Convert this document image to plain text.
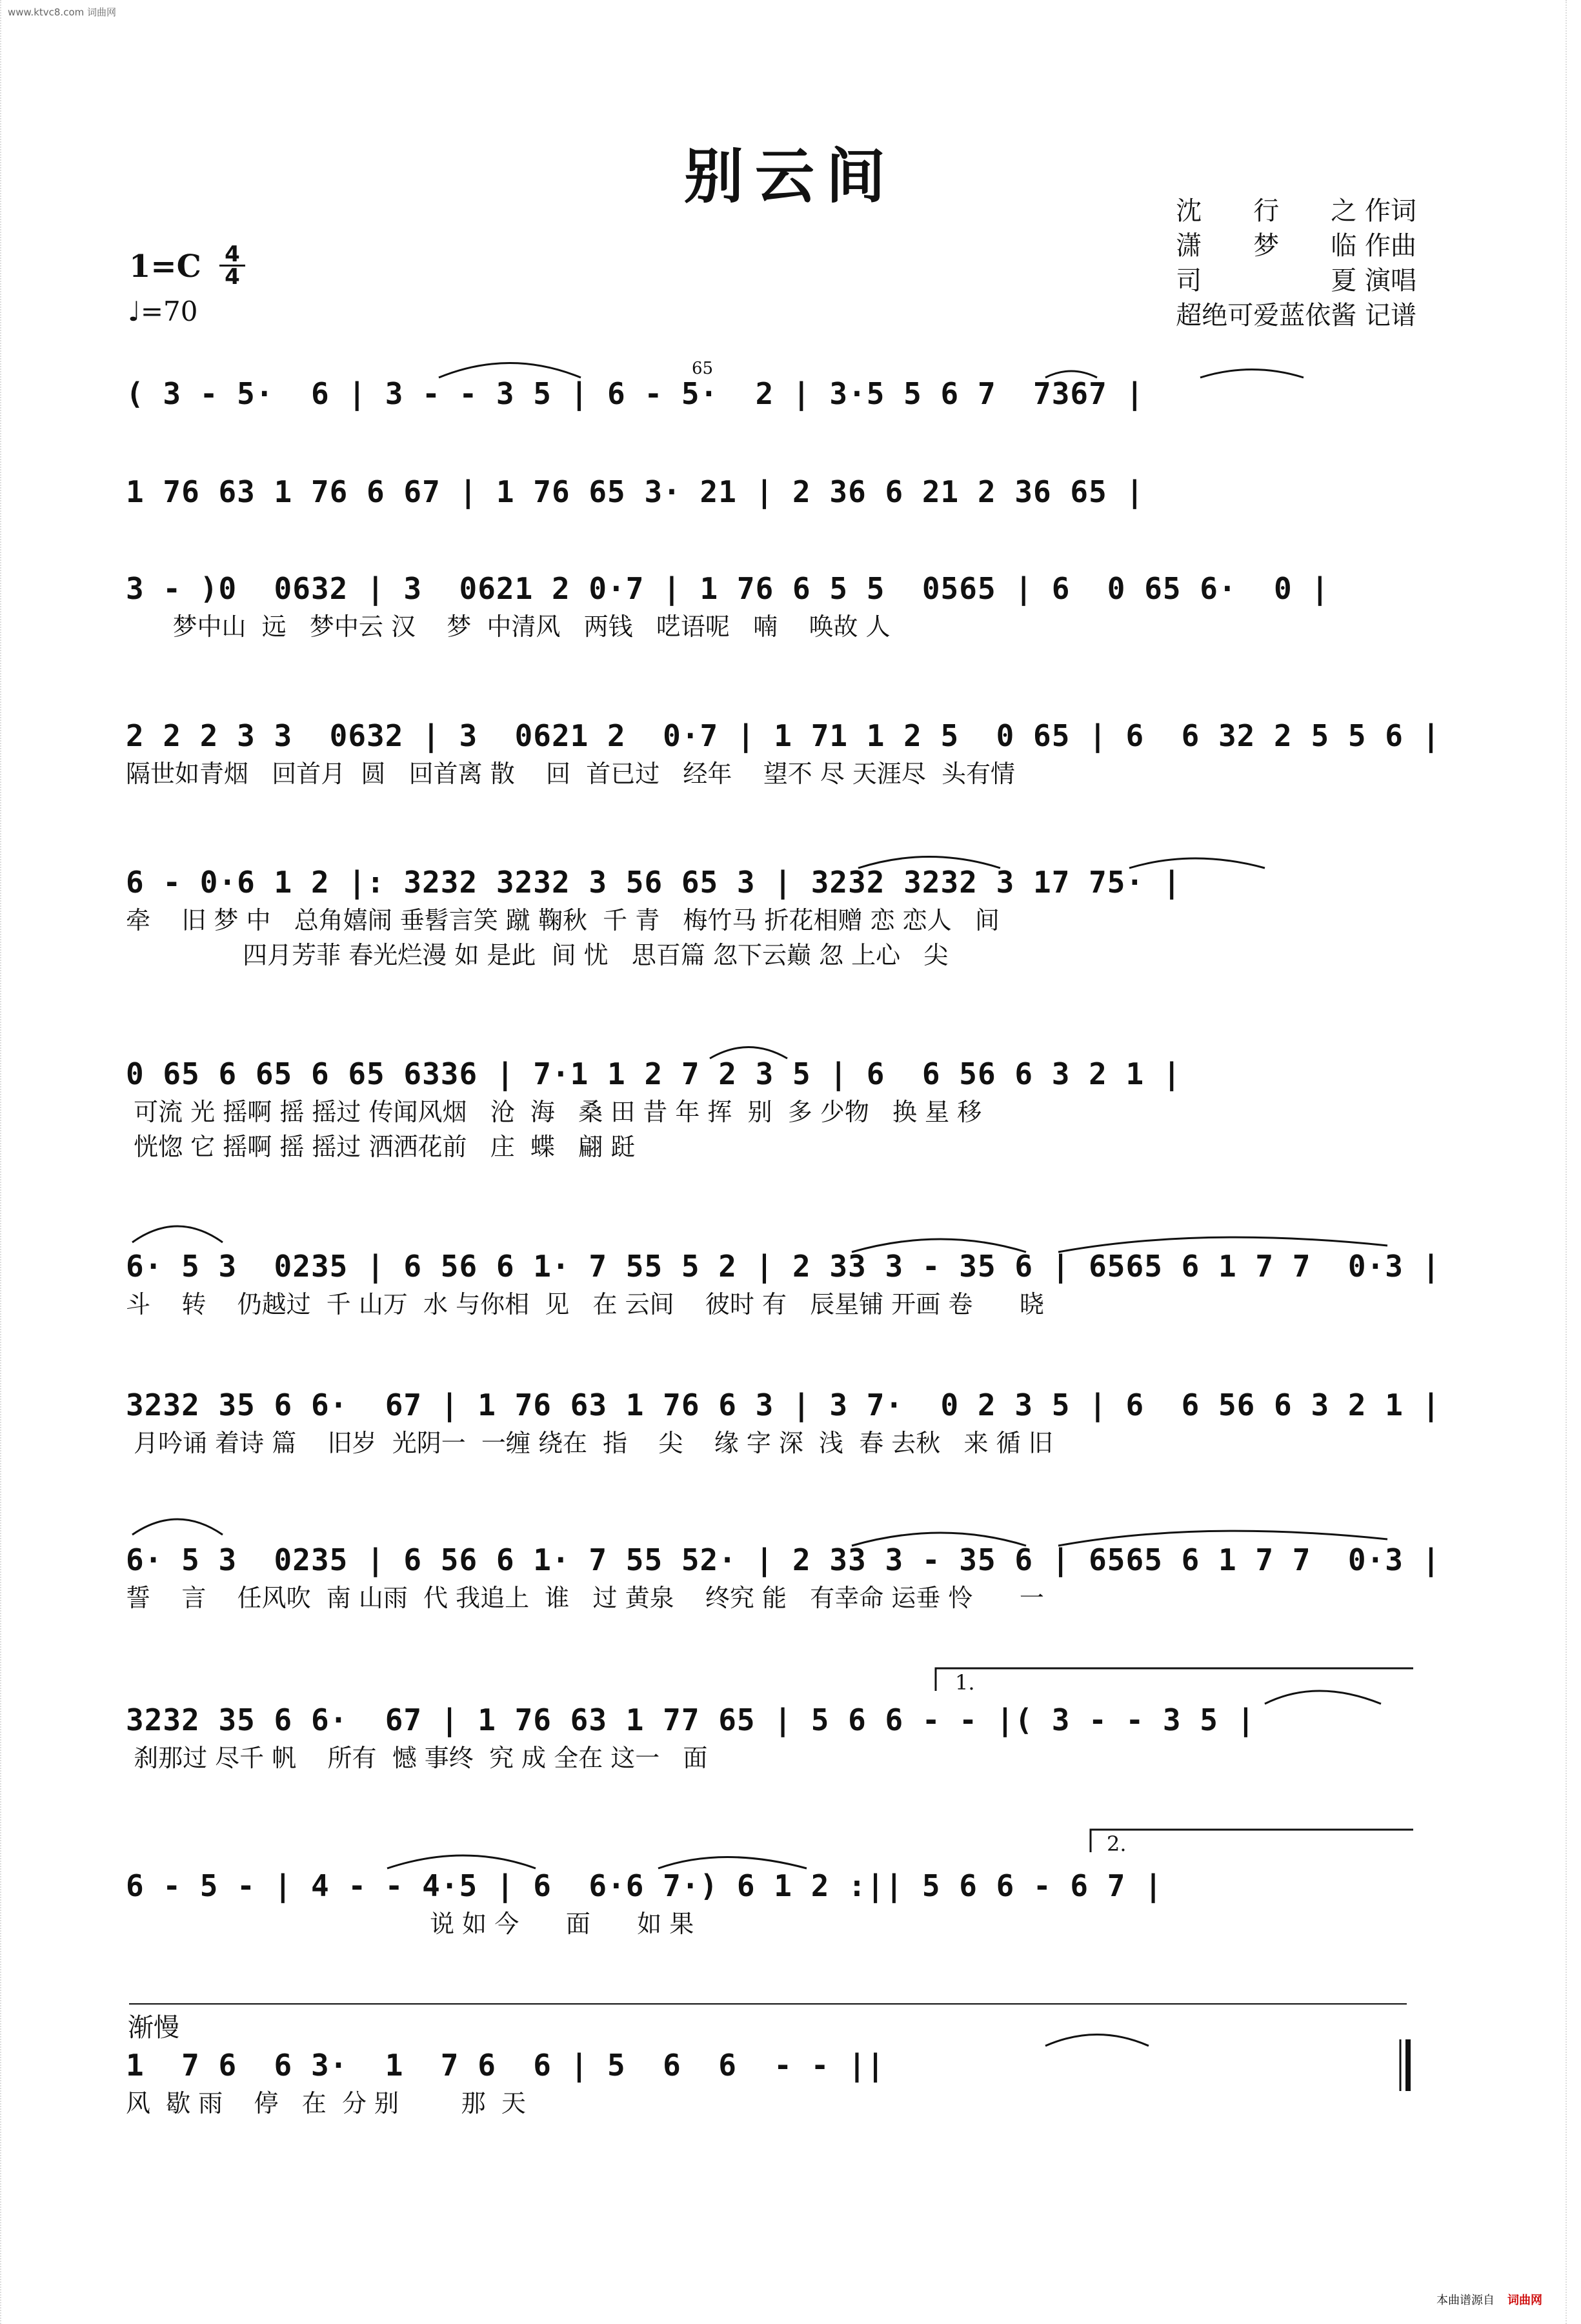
www.ktvc8.com 词曲网
别云间
$1=C \frac{4}{4}$
♩=70
沈　　行　　之 作词
潇　　梦　　临 作曲
司　　　　　夏 演唱
超绝可爱蓝依酱 记谱
65
1.
2.
渐慢
( 3 - 5·  6 | 3 - - 3 5 | 6 - 5·  2 | 3·5 5 6 7  7367 |
1 76 63 1 76 6 67 | 1 76 65 3· 21 | 2 36 6 21 2 36 65 |
3 - )0  0632 | 3  0621 2 0·7 | 1 76 6 5 5  0565 | 6  0 65 6·  0 |
梦中山  远   梦中云 汉    梦  中清风   两钱   呓语呢   喃    唤故 人
2 2 2 3 3  0632 | 3  0621 2  0·7 | 1 71 1 2 5  0 65 | 6  6 32 2 5 5 6 |
隔世如青烟   回首月  圆   回首离 散    回  首已过   经年    望不 尽 天涯尽  头有情
6 - 0·6 1 2 |: 3232 3232 3 56 65 3 | 3232 3232 3 17 75· |
牵    旧 梦 中   总角嬉闹 垂髫言笑 蹴 鞠秋  千 青   梅竹马 折花相赠 恋 恋人   间
四月芳菲 春光烂漫 如 是此  间 忧   思百篇 忽下云巅 忽 上心   尖
0 65 6 65 6 65 6336 | 7·1 1 2 7 2 3 5 | 6  6 56 6 3 2 1 |
可流 光 摇啊 摇 摇过 传闻风烟   沧  海   桑 田 昔 年 挥  别  多 少物   换 星 移
恍惚 它 摇啊 摇 摇过 洒洒花前   庄  蝶   翩 跹
6· 5 3  0235 | 6 56 6 1· 7 55 5 2 | 2 33 3 - 35 6 | 6565 6 1 7 7  0·3 |
斗    转    仍越过  千 山万  水 与你相  见   在 云间    彼时 有   辰星铺 开画 卷      晓
3232 35 6 6·  67 | 1 76 63 1 76 6 3 | 3 7·  0 2 3 5 | 6  6 56 6 3 2 1 |
月吟诵 着诗 篇    旧岁  光阴一  一缠 绕在  指    尖    缘 字 深  浅  春 去秋   来 循 旧
6· 5 3  0235 | 6 56 6 1· 7 55 52· | 2 33 3 - 35 6 | 6565 6 1 7 7  0·3 |
誓    言    任风吹  南 山雨  代 我追上  谁   过 黄泉    终究 能   有幸命 运垂 怜      一
3232 35 6 6·  67 | 1 76 63 1 77 65 | 5 6 6 - - |( 3 - - 3 5 |
刹那过 尽千 帆    所有  憾 事终  究 成 全在 这一   面
6 - 5 - | 4 - - 4·5 | 6  6·6 7·) 6 1 2 :|| 5 6 6 - 6 7 |
说 如 今      面      如 果
1  7 6  6 3·  1  7 6  6 | 5  6  6  - - ||
风  歇 雨    停   在  分 别        那  天
本曲谱源自 词曲网
